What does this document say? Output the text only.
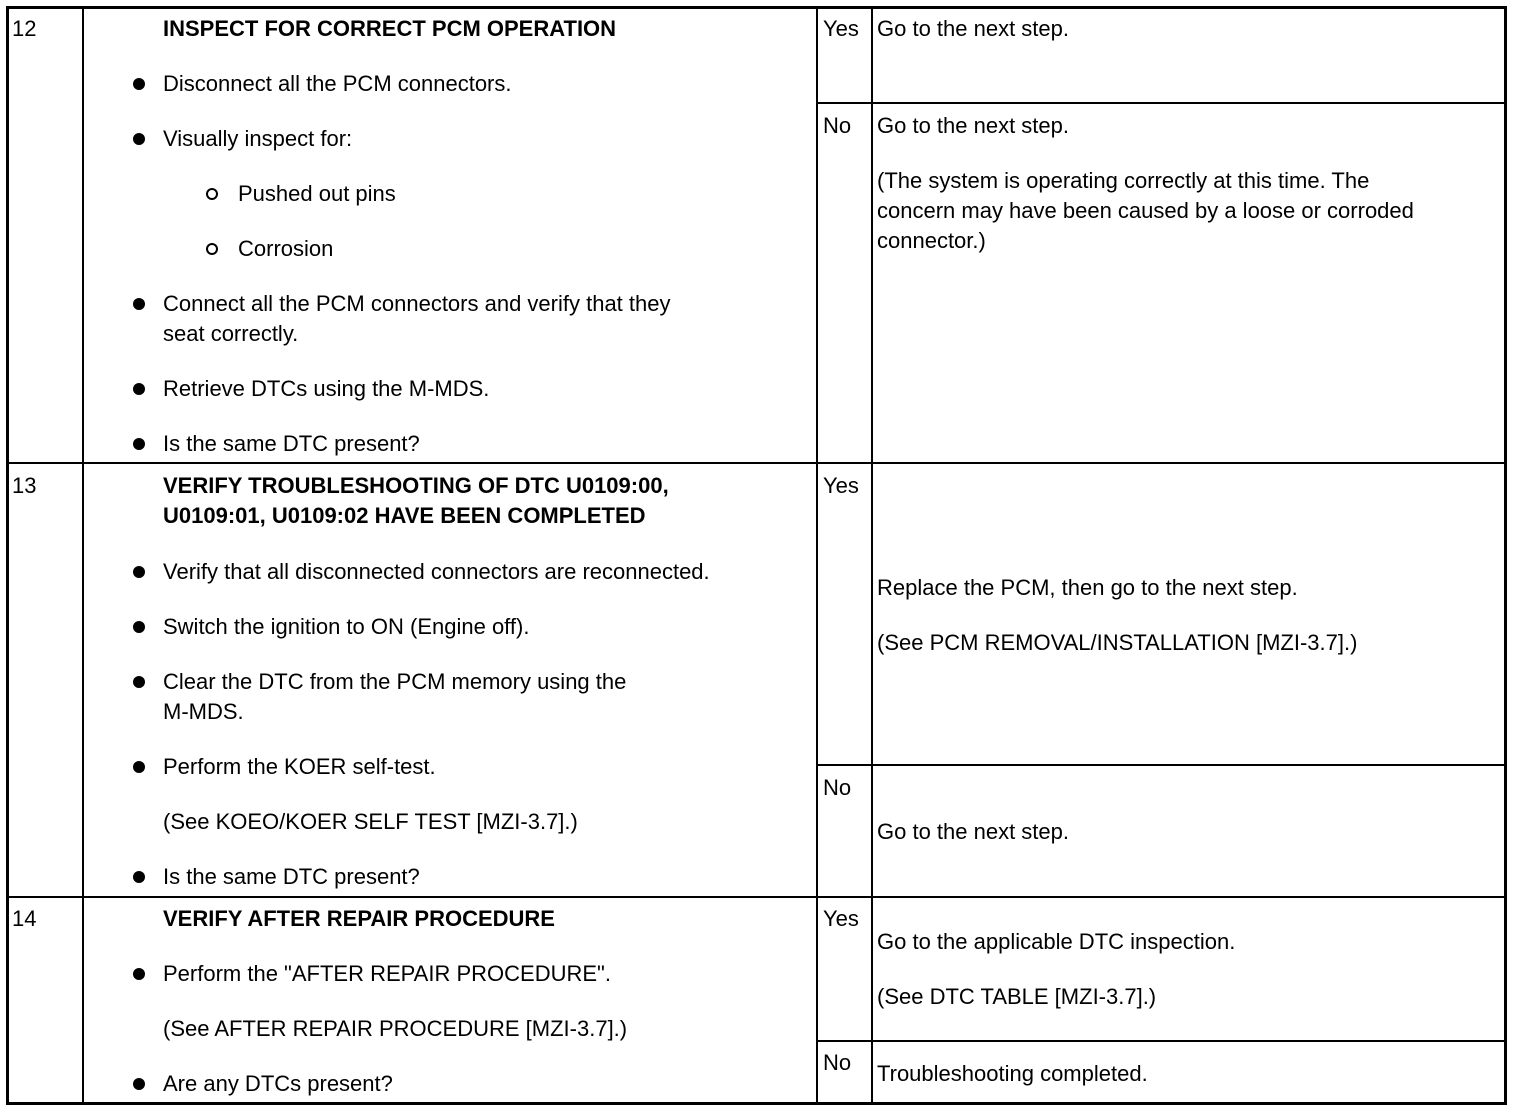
12	INSPECT FOR CORRECT PCM OPERATION
Disconnect all the PCM connectors.
Visually inspect for:
Pushed out pins
Corrosion
Connect all the PCM connectors and verify that they
seat correctly.
Retrieve DTCs using the M-MDS.
Is the same DTC present?
Yes Go to the next step.
No Go to the next step.
(The system is operating correctly at this time. The
concern may have been caused by a loose or corroded
connector.)
13	VERIFY TROUBLESHOOTING OF DTC U0109:00,
U0109:01, U0109:02 HAVE BEEN COMPLETED
Verify that all disconnected connectors are reconnected.
Switch the ignition to ON (Engine off).
Clear the DTC from the PCM memory using the
M-MDS.
Perform the KOER self-test.
(See KOEO/KOER SELF TEST [MZI-3.7].)
Is the same DTC present?
Yes
Replace the PCM, then go to the next step.
(See PCM REMOVAL/INSTALLATION [MZI-3.7].)
No
Go to the next step.
14	VERIFY AFTER REPAIR PROCEDURE
Perform the "AFTER REPAIR PROCEDURE".
(See AFTER REPAIR PROCEDURE [MZI-3.7].)
Are any DTCs present?
Yes
Go to the applicable DTC inspection.
(See DTC TABLE [MZI-3.7].)
No Troubleshooting completed.
